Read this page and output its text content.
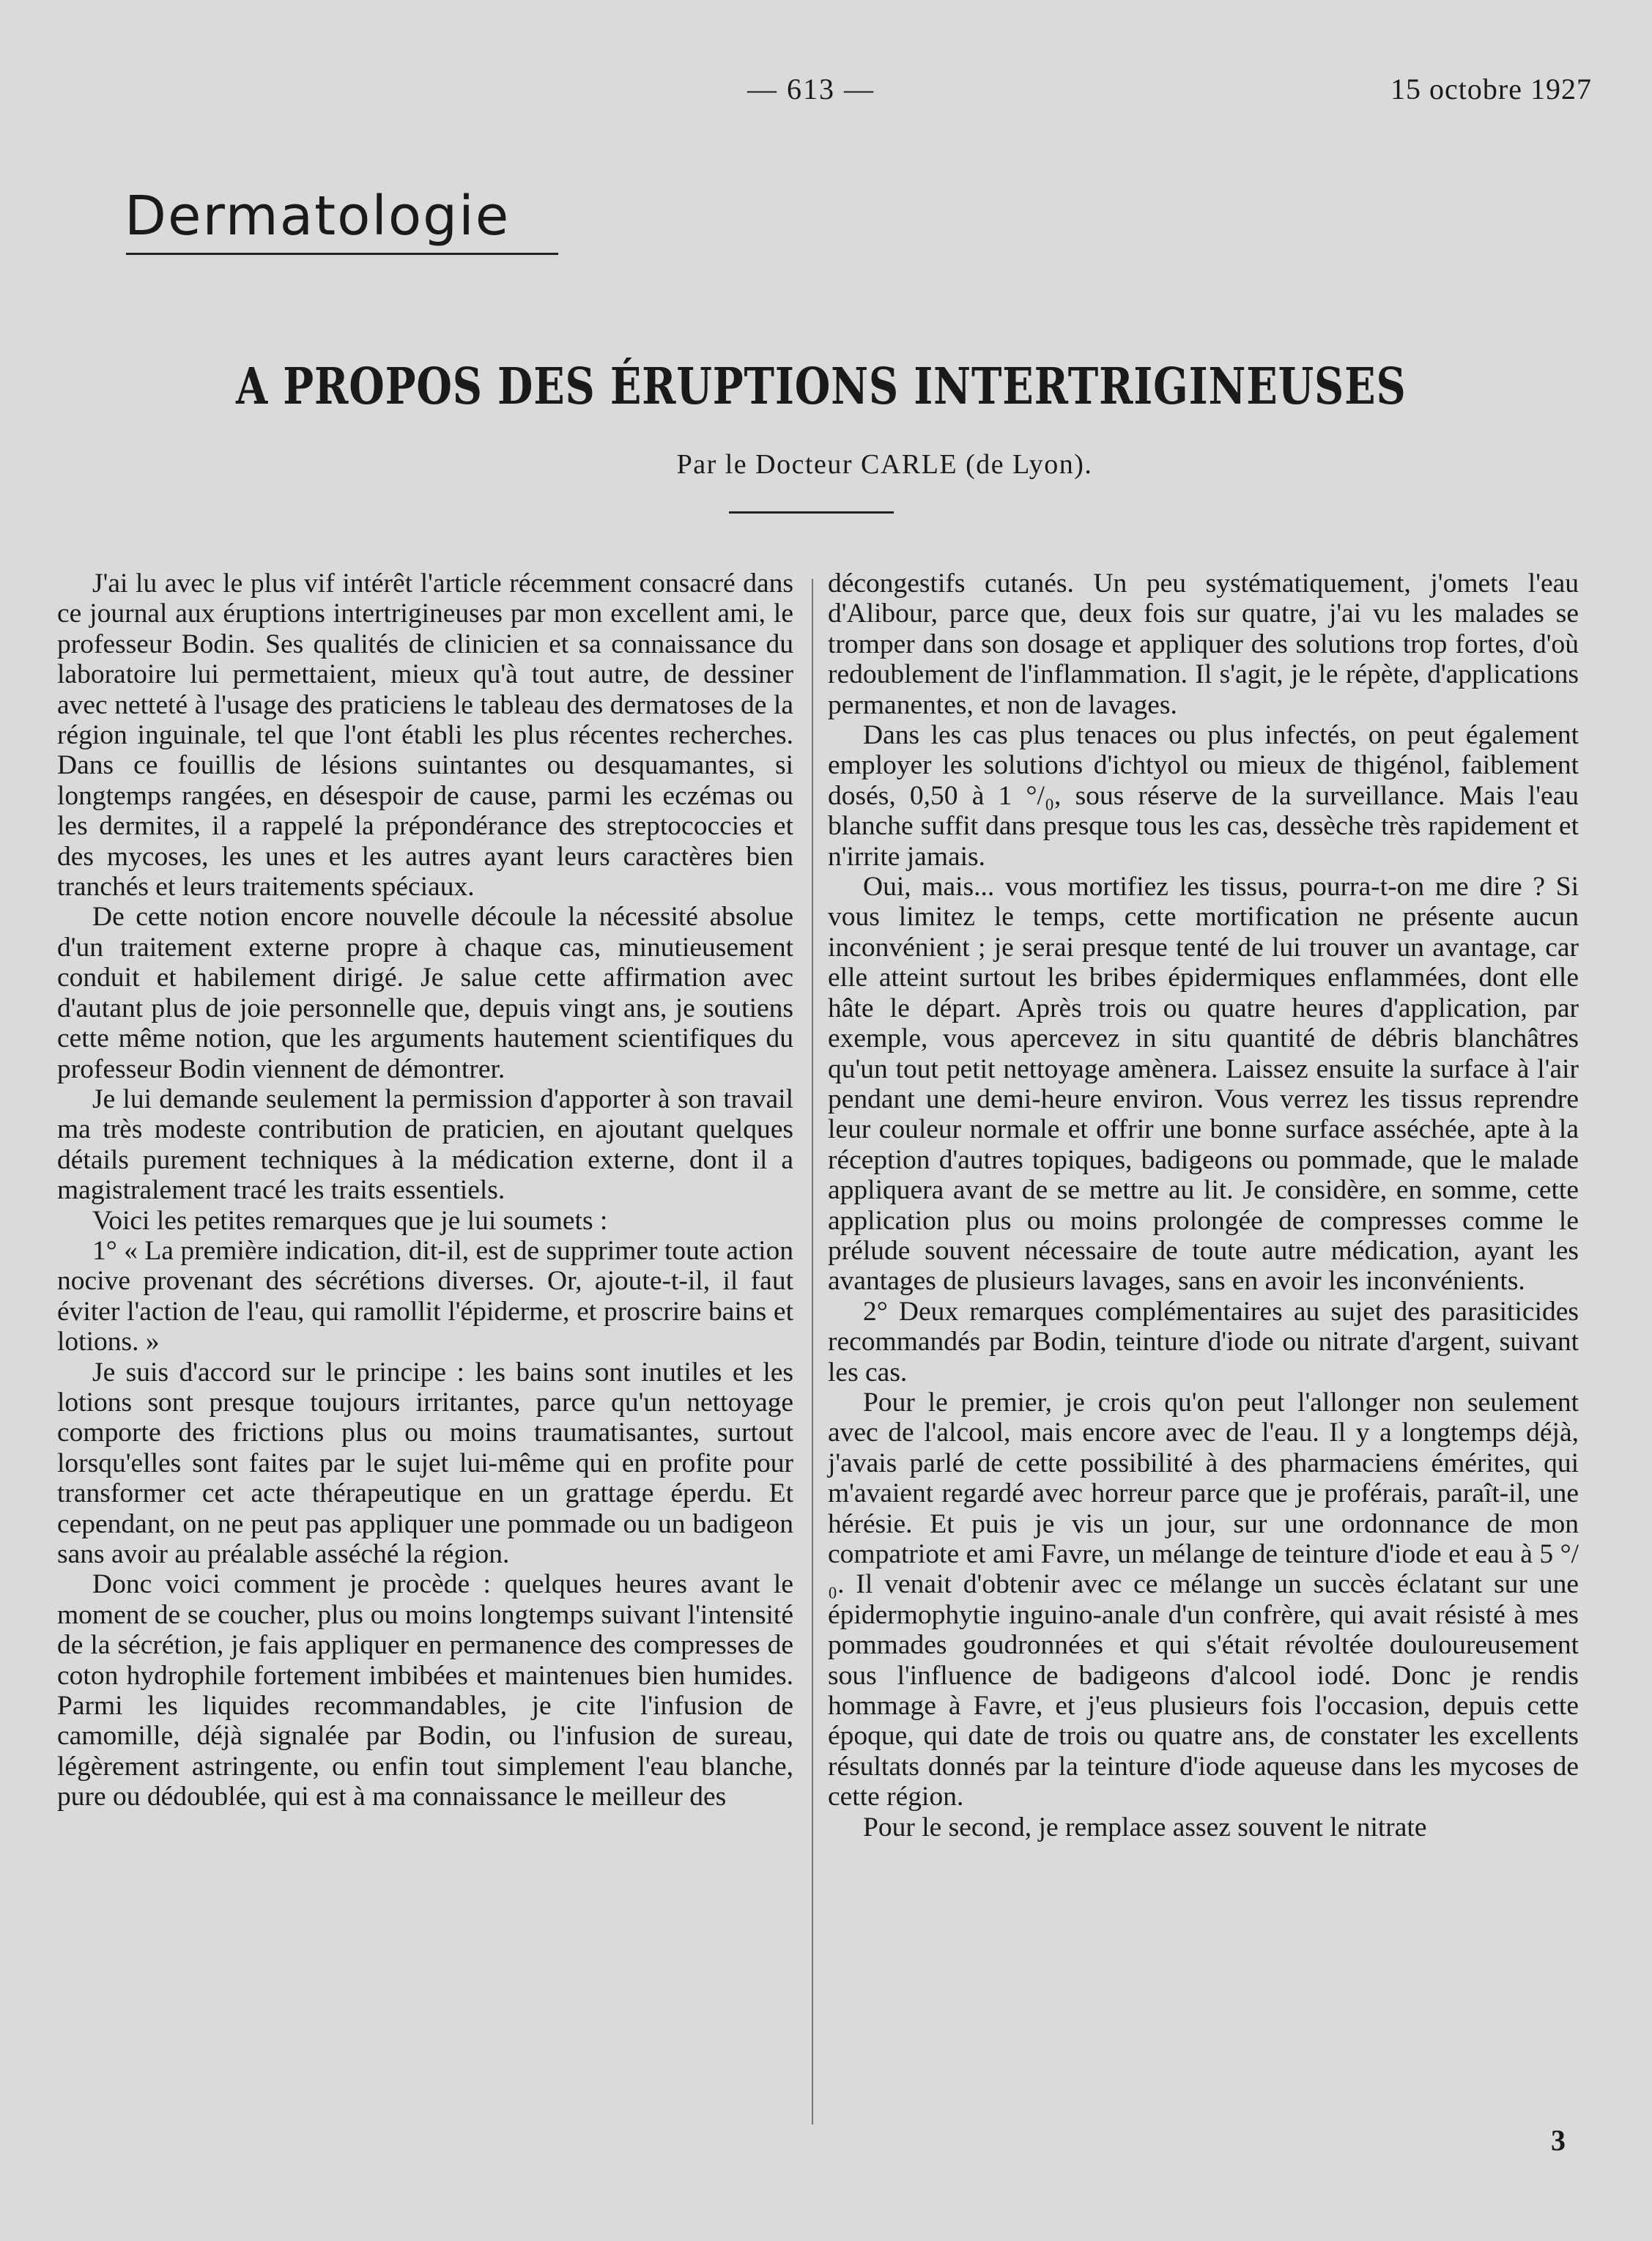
— 613 —	15 octobre 1927
Dermatologie
A PROPOS DES ÉRUPTIONS INTERTRIGINEUSES
Par le Docteur CARLE (de Lyon).

J'ai lu avec le plus vif intérêt l'article récemment consacré dans ce journal aux éruptions intertrigineuses par mon excellent ami, le professeur Bodin. Ses qualités de clinicien et sa connaissance du laboratoire lui permettaient, mieux qu'à tout autre, de dessiner avec netteté à l'usage des praticiens le tableau des dermatoses de la région inguinale, tel que l'ont établi les plus récentes recherches. Dans ce fouillis de lésions suintantes ou desquamantes, si longtemps rangées, en désespoir de cause, parmi les eczémas ou les dermites, il a rappelé la prépondérance des streptococcies et des mycoses, les unes et les autres ayant leurs caractères bien tranchés et leurs traitements spéciaux.

De cette notion encore nouvelle découle la nécessité absolue d'un traitement externe propre à chaque cas, minutieusement conduit et habilement dirigé. Je salue cette affirmation avec d'autant plus de joie personnelle que, depuis vingt ans, je soutiens cette même notion, que les arguments hautement scientifiques du professeur Bodin viennent de démontrer.

Je lui demande seulement la permission d'apporter à son travail ma très modeste contribution de praticien, en ajoutant quelques détails purement techniques à la médication externe, dont il a magistralement tracé les traits essentiels.

Voici les petites remarques que je lui soumets :

1° « La première indication, dit-il, est de supprimer toute action nocive provenant des sécrétions diverses. Or, ajoute-t-il, il faut éviter l'action de l'eau, qui ramollit l'épiderme, et proscrire bains et lotions. »

Je suis d'accord sur le principe : les bains sont inutiles et les lotions sont presque toujours irritantes, parce qu'un nettoyage comporte des frictions plus ou moins traumatisantes, surtout lorsqu'elles sont faites par le sujet lui-même qui en profite pour transformer cet acte thérapeutique en un grattage éperdu. Et cependant, on ne peut pas appliquer une pommade ou un badigeon sans avoir au préalable asséché la région.

Donc voici comment je procède : quelques heures avant le moment de se coucher, plus ou moins longtemps suivant l'intensité de la sécrétion, je fais appliquer en permanence des compresses de coton hydrophile fortement imbibées et maintenues bien humides. Parmi les liquides recommandables, je cite l'infusion de camomille, déjà signalée par Bodin, ou l'infusion de sureau, légèrement astringente, ou enfin tout simplement l'eau blanche, pure ou dédoublée, qui est à ma connaissance le meilleur des

décongestifs cutanés. Un peu systématiquement, j'omets l'eau d'Alibour, parce que, deux fois sur quatre, j'ai vu les malades se tromper dans son dosage et appliquer des solutions trop fortes, d'où redoublement de l'inflammation. Il s'agit, je le répète, d'applications permanentes, et non de lavages.

Dans les cas plus tenaces ou plus infectés, on peut également employer les solutions d'ichtyol ou mieux de thigénol, faiblement dosés, 0,50 à 1 °/₀, sous réserve de la surveillance. Mais l'eau blanche suffit dans presque tous les cas, dessèche très rapidement et n'irrite jamais.

Oui, mais... vous mortifiez les tissus, pourra-t-on me dire ? Si vous limitez le temps, cette mortification ne présente aucun inconvénient ; je serai presque tenté de lui trouver un avantage, car elle atteint surtout les bribes épidermiques enflammées, dont elle hâte le départ. Après trois ou quatre heures d'application, par exemple, vous apercevez in situ quantité de débris blanchâtres qu'un tout petit nettoyage amènera. Laissez ensuite la surface à l'air pendant une demi-heure environ. Vous verrez les tissus reprendre leur couleur normale et offrir une bonne surface asséchée, apte à la réception d'autres topiques, badigeons ou pommade, que le malade appliquera avant de se mettre au lit. Je considère, en somme, cette application plus ou moins prolongée de compresses comme le prélude souvent nécessaire de toute autre médication, ayant les avantages de plusieurs lavages, sans en avoir les inconvénients.

2° Deux remarques complémentaires au sujet des parasiticides recommandés par Bodin, teinture d'iode ou nitrate d'argent, suivant les cas.

Pour le premier, je crois qu'on peut l'allonger non seulement avec de l'alcool, mais encore avec de l'eau. Il y a longtemps déjà, j'avais parlé de cette possibilité à des pharmaciens émérites, qui m'avaient regardé avec horreur parce que je proférais, paraît-il, une hérésie. Et puis je vis un jour, sur une ordonnance de mon compatriote et ami Favre, un mélange de teinture d'iode et eau à 5 °/₀. Il venait d'obtenir avec ce mélange un succès éclatant sur une épidermophytie inguino-anale d'un confrère, qui avait résisté à mes pommades goudronnées et qui s'était révoltée douloureusement sous l'influence de badigeons d'alcool iodé. Donc je rendis hommage à Favre, et j'eus plusieurs fois l'occasion, depuis cette époque, qui date de trois ou quatre ans, de constater les excellents résultats donnés par la teinture d'iode aqueuse dans les mycoses de cette région.

Pour le second, je remplace assez souvent le nitrate

3
